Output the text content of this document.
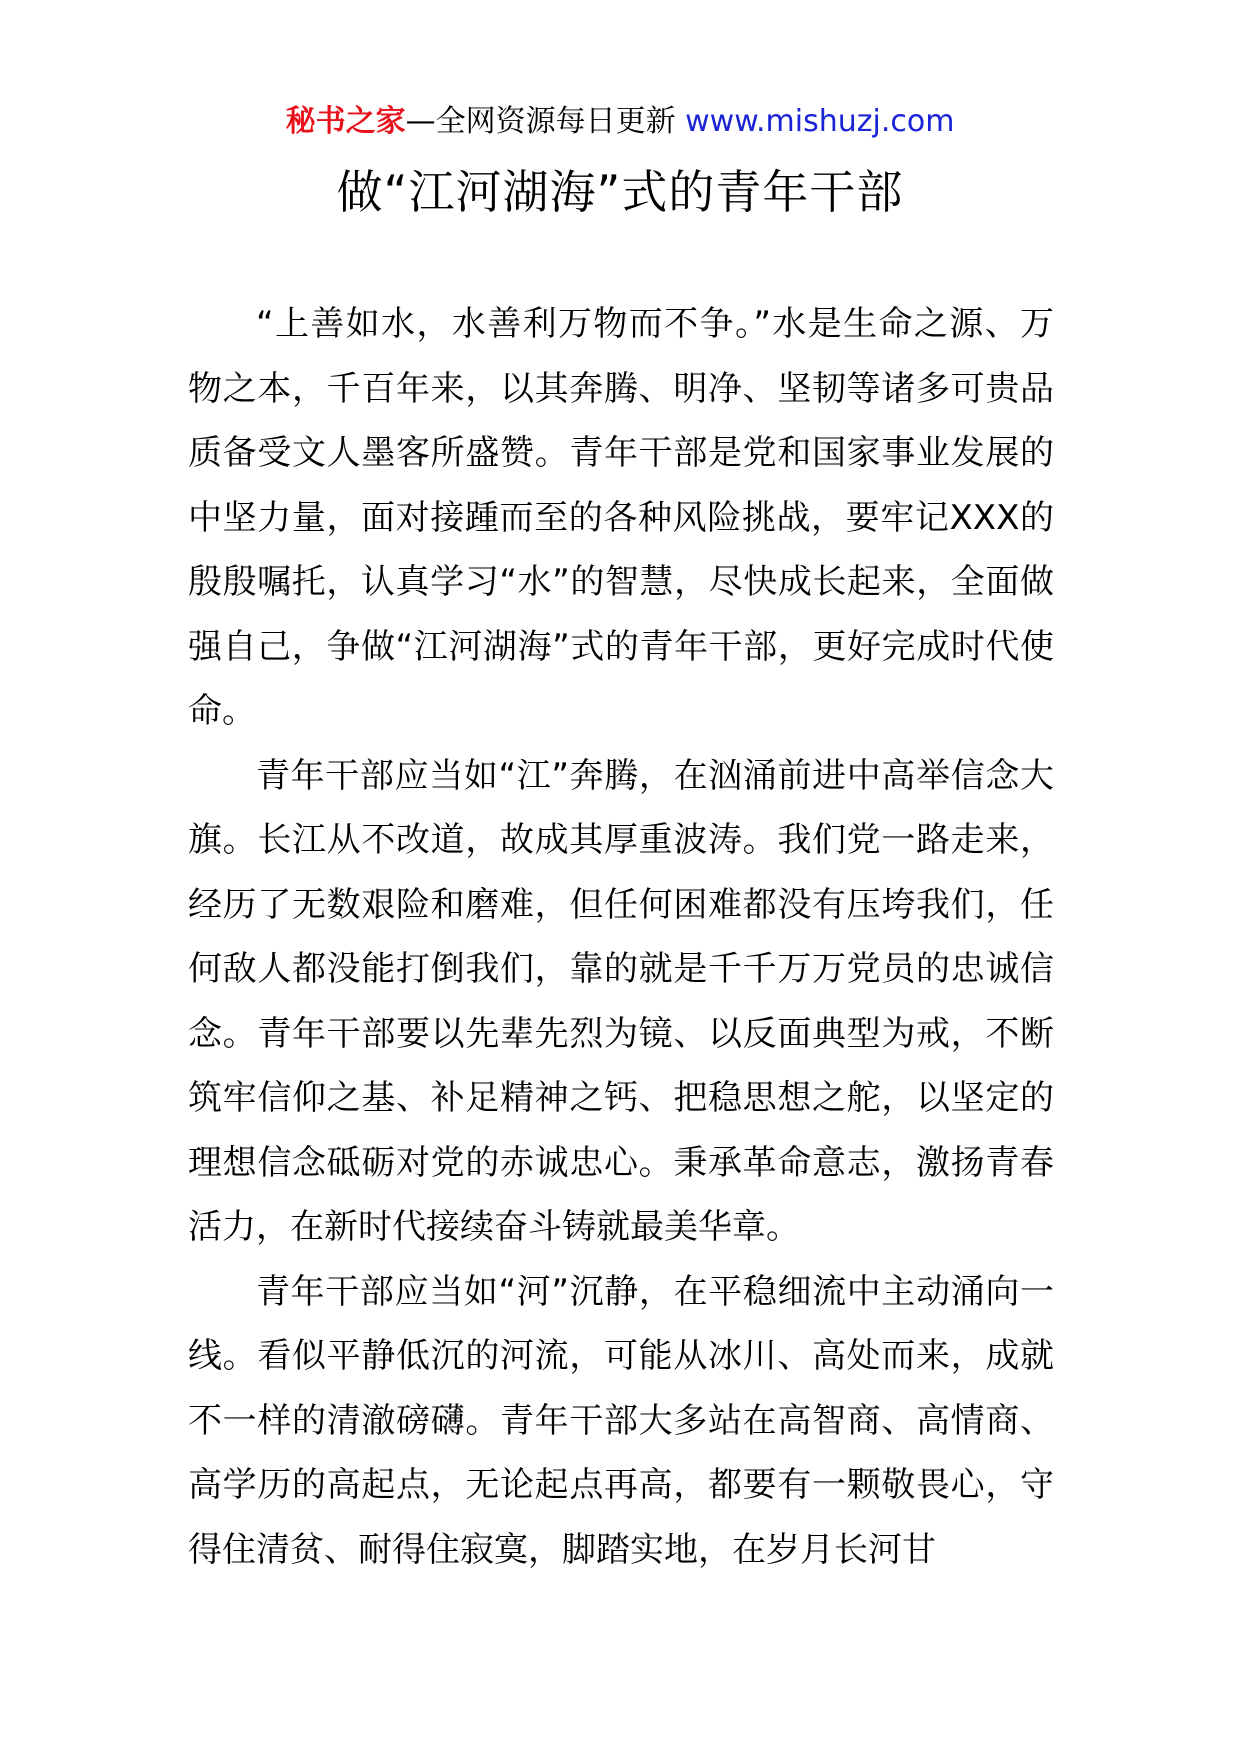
秘书之家—全网资源每日更新 www.mishuzj.com
做“江河湖海”式的青年干部

“上善如水，水善利万物而不争。”水是生命之源、万物之本，千百年来，以其奔腾、明净、坚韧等诸多可贵品质备受文人墨客所盛赞。青年干部是党和国家事业发展的中坚力量，面对接踵而至的各种风险挑战，要牢记XXX的殷殷嘱托，认真学习“水”的智慧，尽快成长起来，全面做强自己，争做“江河湖海”式的青年干部，更好完成时代使命。

青年干部应当如“江”奔腾，在汹涌前进中高举信念大旗。长江从不改道，故成其厚重波涛。我们党一路走来，经历了无数艰险和磨难，但任何困难都没有压垮我们，任何敌人都没能打倒我们，靠的就是千千万万党员的忠诚信念。青年干部要以先辈先烈为镜、以反面典型为戒，不断筑牢信仰之基、补足精神之钙、把稳思想之舵，以坚定的理想信念砥砺对党的赤诚忠心。秉承革命意志，激扬青春活力，在新时代接续奋斗铸就最美华章。

青年干部应当如“河”沉静，在平稳细流中主动涌向一线。看似平静低沉的河流，可能从冰川、高处而来，成就不一样的清澈磅礴。青年干部大多站在高智商、高情商、高学历的高起点，无论起点再高，都要有一颗敬畏心，守得住清贫、耐得住寂寞，脚踏实地，在岁月长河甘
